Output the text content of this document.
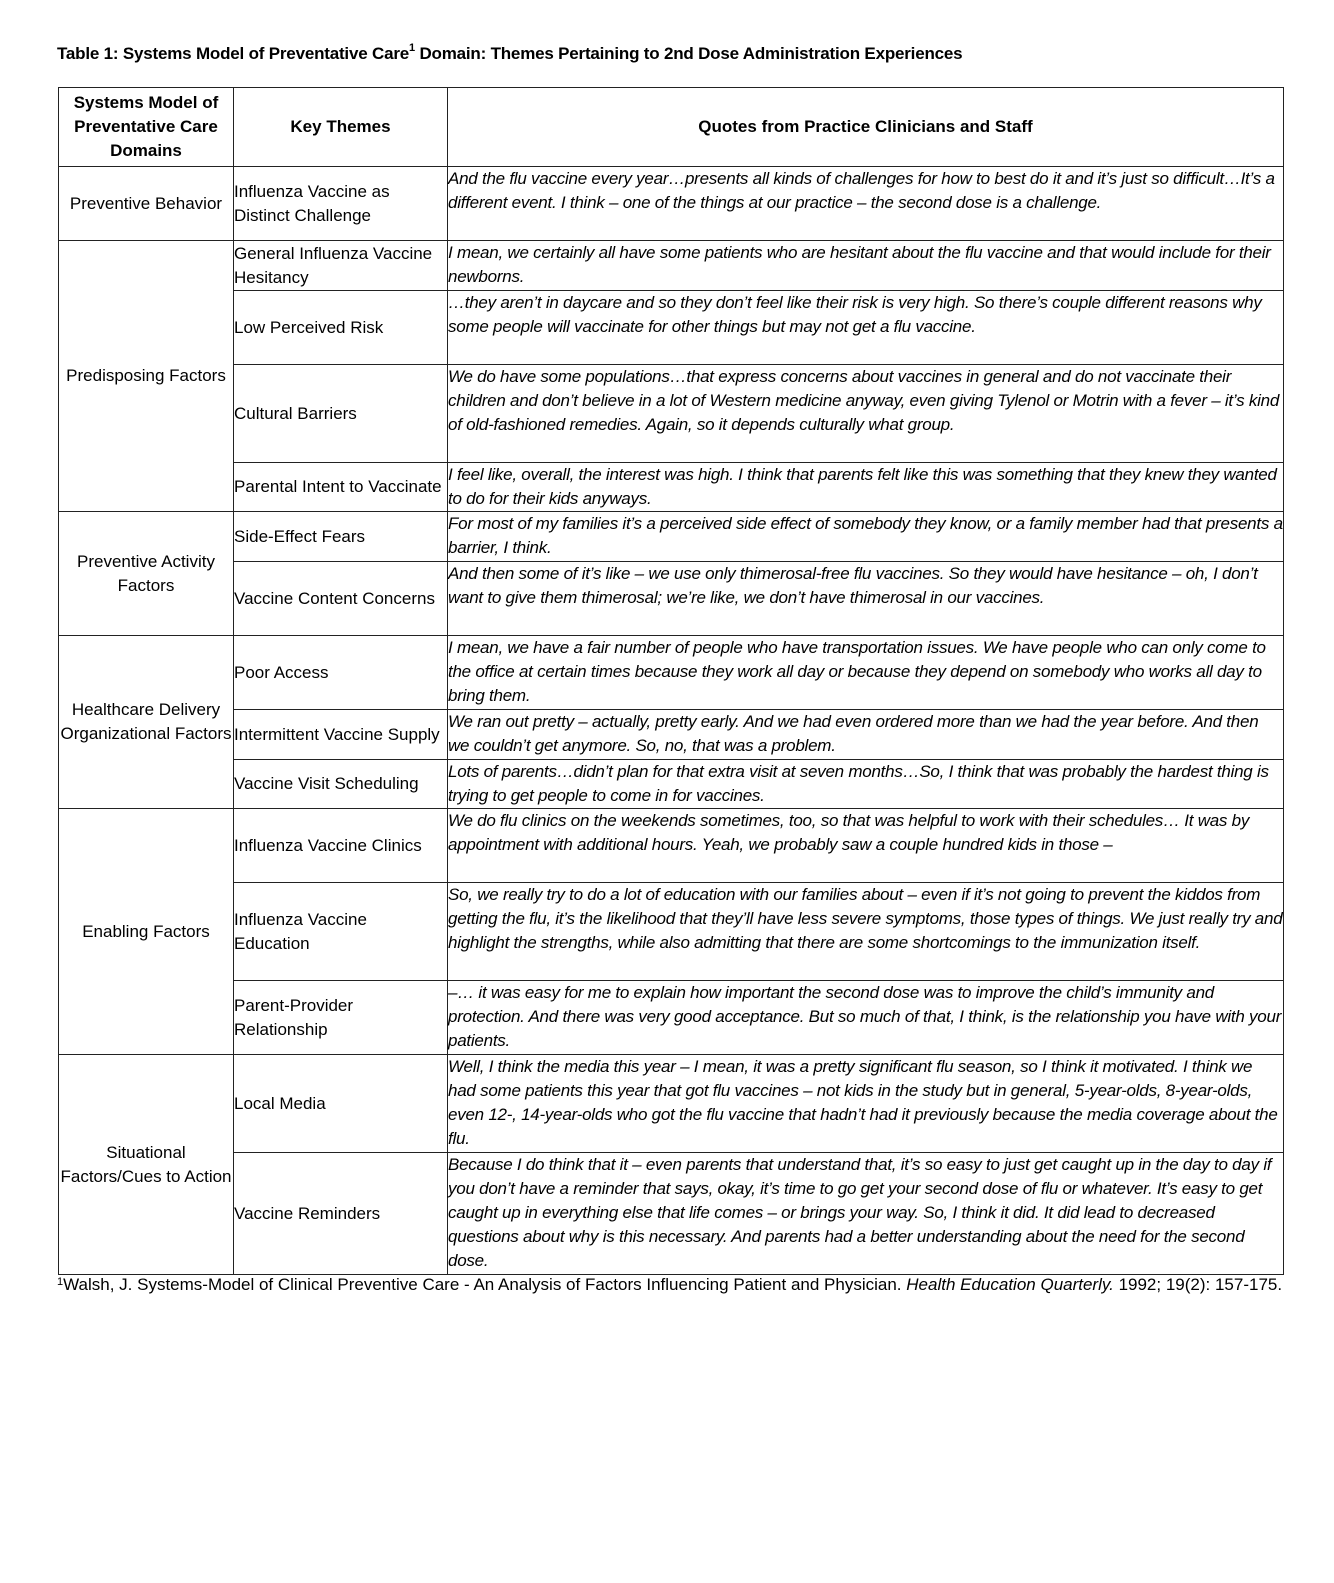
Table 1: Systems Model of Preventative Care$^1$ Domain: Themes Pertaining to 2nd Dose Administration Experiences
Systems Model of Preventative Care Domains	Key Themes	Quotes from Practice Clinicians and Staff
Preventive Behavior	Influenza Vaccine as Distinct Challenge	And the flu vaccine every year…presents all kinds of challenges for how to best do it and it’s just so difficult…It’s a different event. I think – one of the things at our practice – the second dose is a challenge.
Predisposing Factors	General Influenza Vaccine Hesitancy	I mean, we certainly all have some patients who are hesitant about the flu vaccine and that would include for their newborns.
	Low Perceived Risk	…they aren’t in daycare and so they don’t feel like their risk is very high. So there’s couple different reasons why some people will vaccinate for other things but may not get a flu vaccine.
	Cultural Barriers	We do have some populations…that express concerns about vaccines in general and do not vaccinate their children and don’t believe in a lot of Western medicine anyway, even giving Tylenol or Motrin with a fever – it’s kind of old-fashioned remedies. Again, so it depends culturally what group.
	Parental Intent to Vaccinate	I feel like, overall, the interest was high. I think that parents felt like this was something that they knew they wanted to do for their kids anyways.
Preventive Activity Factors	Side-Effect Fears	For most of my families it’s a perceived side effect of somebody they know, or a family member had that presents a barrier, I think.
	Vaccine Content Concerns	And then some of it’s like – we use only thimerosal-free flu vaccines. So they would have hesitance – oh, I don’t want to give them thimerosal; we’re like, we don’t have thimerosal in our vaccines.
Healthcare Delivery Organizational Factors	Poor Access	I mean, we have a fair number of people who have transportation issues. We have people who can only come to the office at certain times because they work all day or because they depend on somebody who works all day to bring them.
	Intermittent Vaccine Supply	We ran out pretty – actually, pretty early. And we had even ordered more than we had the year before. And then we couldn’t get anymore. So, no, that was a problem.
	Vaccine Visit Scheduling	Lots of parents…didn’t plan for that extra visit at seven months…So, I think that was probably the hardest thing is trying to get people to come in for vaccines.
Enabling Factors	Influenza Vaccine Clinics	We do flu clinics on the weekends sometimes, too, so that was helpful to work with their schedules… It was by appointment with additional hours. Yeah, we probably saw a couple hundred kids in those –
	Influenza Vaccine Education	So, we really try to do a lot of education with our families about – even if it’s not going to prevent the kiddos from getting the flu, it’s the likelihood that they’ll have less severe symptoms, those types of things. We just really try and highlight the strengths, while also admitting that there are some shortcomings to the immunization itself.
	Parent-Provider Relationship	–… it was easy for me to explain how important the second dose was to improve the child’s immunity and protection. And there was very good acceptance. But so much of that, I think, is the relationship you have with your patients.
Situational Factors/Cues to Action	Local Media	Well, I think the media this year – I mean, it was a pretty significant flu season, so I think it motivated. I think we had some patients this year that got flu vaccines – not kids in the study but in general, 5-year-olds, 8-year-olds, even 12-, 14-year-olds who got the flu vaccine that hadn’t had it previously because the media coverage about the flu.
	Vaccine Reminders	Because I do think that it – even parents that understand that, it’s so easy to just get caught up in the day to day if you don’t have a reminder that says, okay, it’s time to go get your second dose of flu or whatever. It’s easy to get caught up in everything else that life comes – or brings your way. So, I think it did. It did lead to decreased questions about why is this necessary. And parents had a better understanding about the need for the second dose.
$^1$Walsh, J. Systems-Model of Clinical Preventive Care - An Analysis of Factors Influencing Patient and Physician. Health Education Quarterly. 1992; 19(2): 157-175.
